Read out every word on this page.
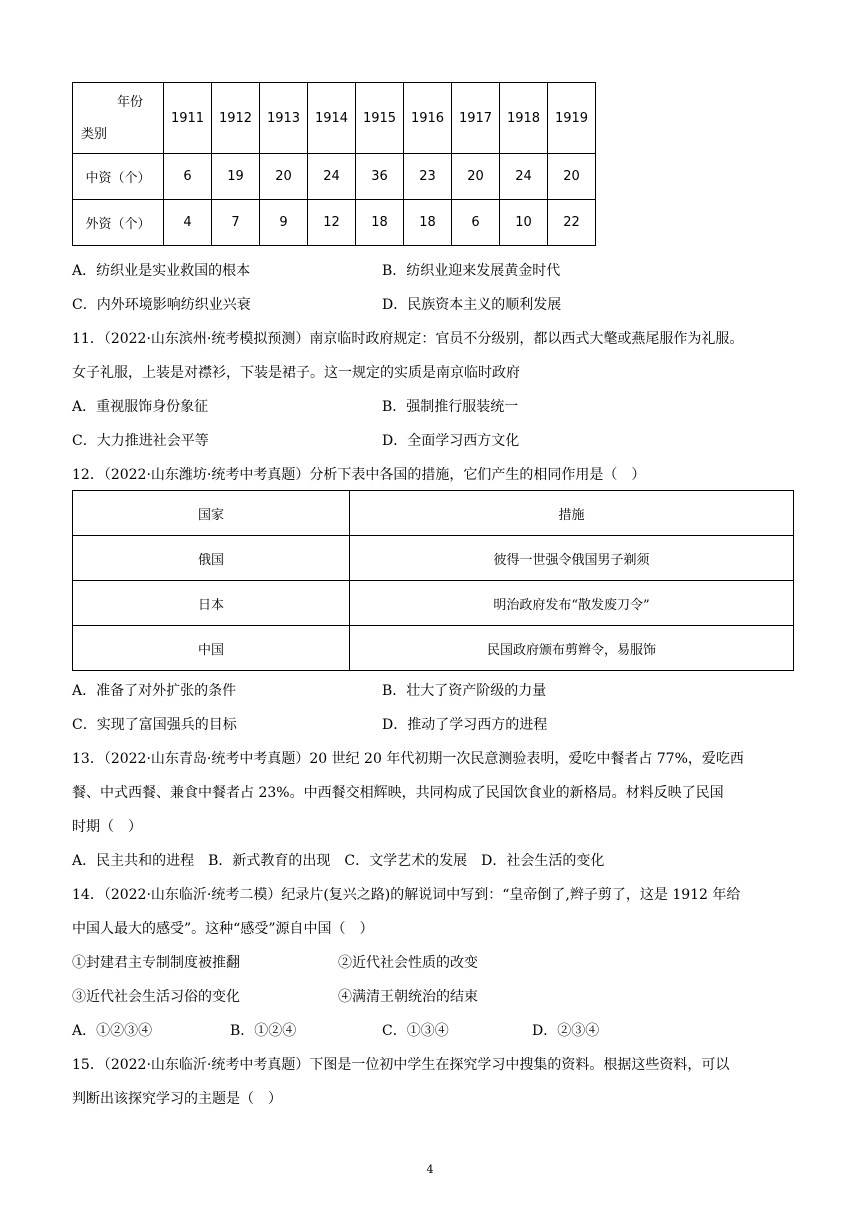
年份
类别	1911	1912	1913	1914	1915	1916	1917	1918	1919
中资（个）	6	19	20	24	36	23	20	24	20
外资（个）	4	7	9	12	18	18	6	10	22
A．纺织业是实业救国的根本	B．纺织业迎来发展黄金时代
C．内外环境影响纺织业兴衰	D．民族资本主义的顺利发展
11．（2022·山东滨州·统考模拟预测）南京临时政府规定：官员不分级别，都以西式大氅或燕尾服作为礼服。
女子礼服，上装是对襟衫，下装是裙子。这一规定的实质是南京临时政府
A．重视服饰身份象征	B．强制推行服装统一
C．大力推进社会平等	D．全面学习西方文化
12．（2022·山东潍坊·统考中考真题）分析下表中各国的措施，它们产生的相同作用是（　）
国家	措施
俄国	彼得一世强令俄国男子剃须
日本	明治政府发布“散发废刀令”
中国	民国政府颁布剪辫令，易服饰
A．准备了对外扩张的条件	B．壮大了资产阶级的力量
C．实现了富国强兵的目标	D．推动了学习西方的进程
13．（2022·山东青岛·统考中考真题）20 世纪 20 年代初期一次民意测验表明，爱吃中餐者占 77%，爱吃西
餐、中式西餐、兼食中餐者占 23%。中西餐交相辉映，共同构成了民国饮食业的新格局。材料反映了民国
时期（　）
A．民主共和的进程　B．新式教育的出现　C．文学艺术的发展　D．社会生活的变化
14．（2022·山东临沂·统考二模）纪录片(复兴之路)的解说词中写到：“皇帝倒了,辫子剪了，这是 1912 年给
中国人最大的感受”。这种“感受”源自中国（　）
①封建君主专制制度被推翻	②近代社会性质的改变
③近代社会生活习俗的变化	④满清王朝统治的结束
A．①②③④	B．①②④	C．①③④	D．②③④
15．（2022·山东临沂·统考中考真题）下图是一位初中学生在探究学习中搜集的资料。根据这些资料，可以
判断出该探究学习的主题是（　）
4
